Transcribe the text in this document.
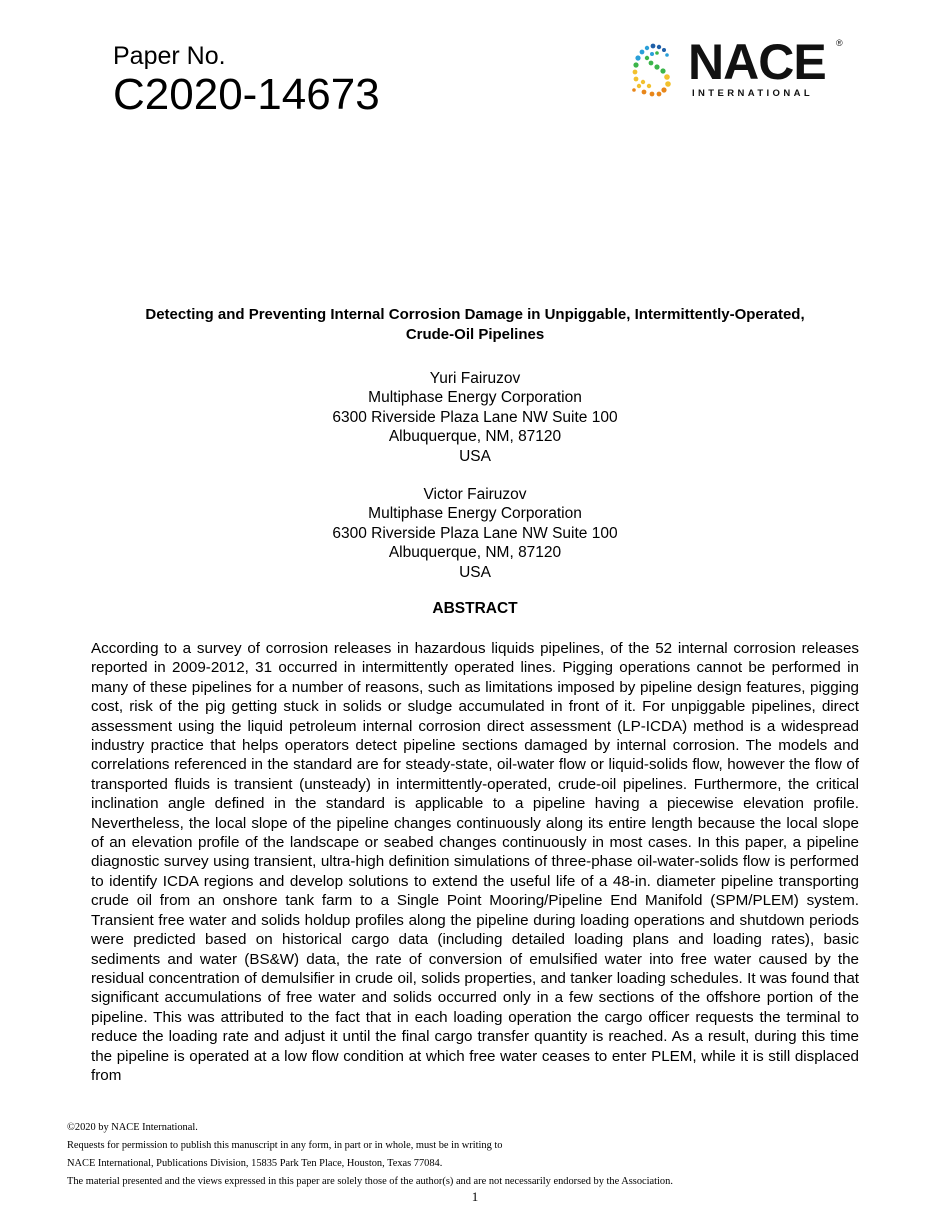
Paper No.
C2020-14673
NACE ®
INTERNATIONAL
Detecting and Preventing Internal Corrosion Damage in Unpiggable, Intermittently-Operated,
Crude-Oil Pipelines
Yuri Fairuzov
Multiphase Energy Corporation
6300 Riverside Plaza Lane NW Suite 100
Albuquerque, NM, 87120
USA
Victor Fairuzov
Multiphase Energy Corporation
6300 Riverside Plaza Lane NW Suite 100
Albuquerque, NM, 87120
USA
ABSTRACT

According to a survey of corrosion releases in hazardous liquids pipelines, of the 52 internal corrosion releases reported in 2009-2012, 31 occurred in intermittently operated lines. Pigging operations cannot be performed in many of these pipelines for a number of reasons, such as limitations imposed by pipeline design features, pigging cost, risk of the pig getting stuck in solids or sludge accumulated in front of it. For unpiggable pipelines, direct assessment using the liquid petroleum internal corrosion direct assessment (LP-ICDA) method is a widespread industry practice that helps operators detect pipeline sections damaged by internal corrosion. The models and correlations referenced in the standard are for steady-state, oil-water flow or liquid-solids flow, however the flow of transported fluids is transient (unsteady) in intermittently-operated, crude-oil pipelines. Furthermore, the critical inclination angle defined in the standard is applicable to a pipeline having a piecewise elevation profile. Nevertheless, the local slope of the pipeline changes continuously along its entire length because the local slope of an elevation profile of the landscape or seabed changes continuously in most cases. In this paper, a pipeline diagnostic survey using transient, ultra-high definition simulations of three-phase oil-water-solids flow is performed to identify ICDA regions and develop solutions to extend the useful life of a 48-in. diameter pipeline transporting crude oil from an onshore tank farm to a Single Point Mooring/Pipeline End Manifold (SPM/PLEM) system. Transient free water and solids holdup profiles along the pipeline during loading operations and shutdown periods were predicted based on historical cargo data (including detailed loading plans and loading rates), basic sediments and water (BS&W) data, the rate of conversion of emulsified water into free water caused by the residual concentration of demulsifier in crude oil, solids properties, and tanker loading schedules. It was found that significant accumulations of free water and solids occurred only in a few sections of the offshore portion of the pipeline. This was attributed to the fact that in each loading operation the cargo officer requests the terminal to reduce the loading rate and adjust it until the final cargo transfer quantity is reached. As a result, during this time the pipeline is operated at a low flow condition at which free water ceases to enter PLEM, while it is still displaced from

©2020 by NACE International.
Requests for permission to publish this manuscript in any form, in part or in whole, must be in writing to
NACE International, Publications Division, 15835 Park Ten Place, Houston, Texas 77084.
The material presented and the views expressed in this paper are solely those of the author(s) and are not necessarily endorsed by the Association.
1
